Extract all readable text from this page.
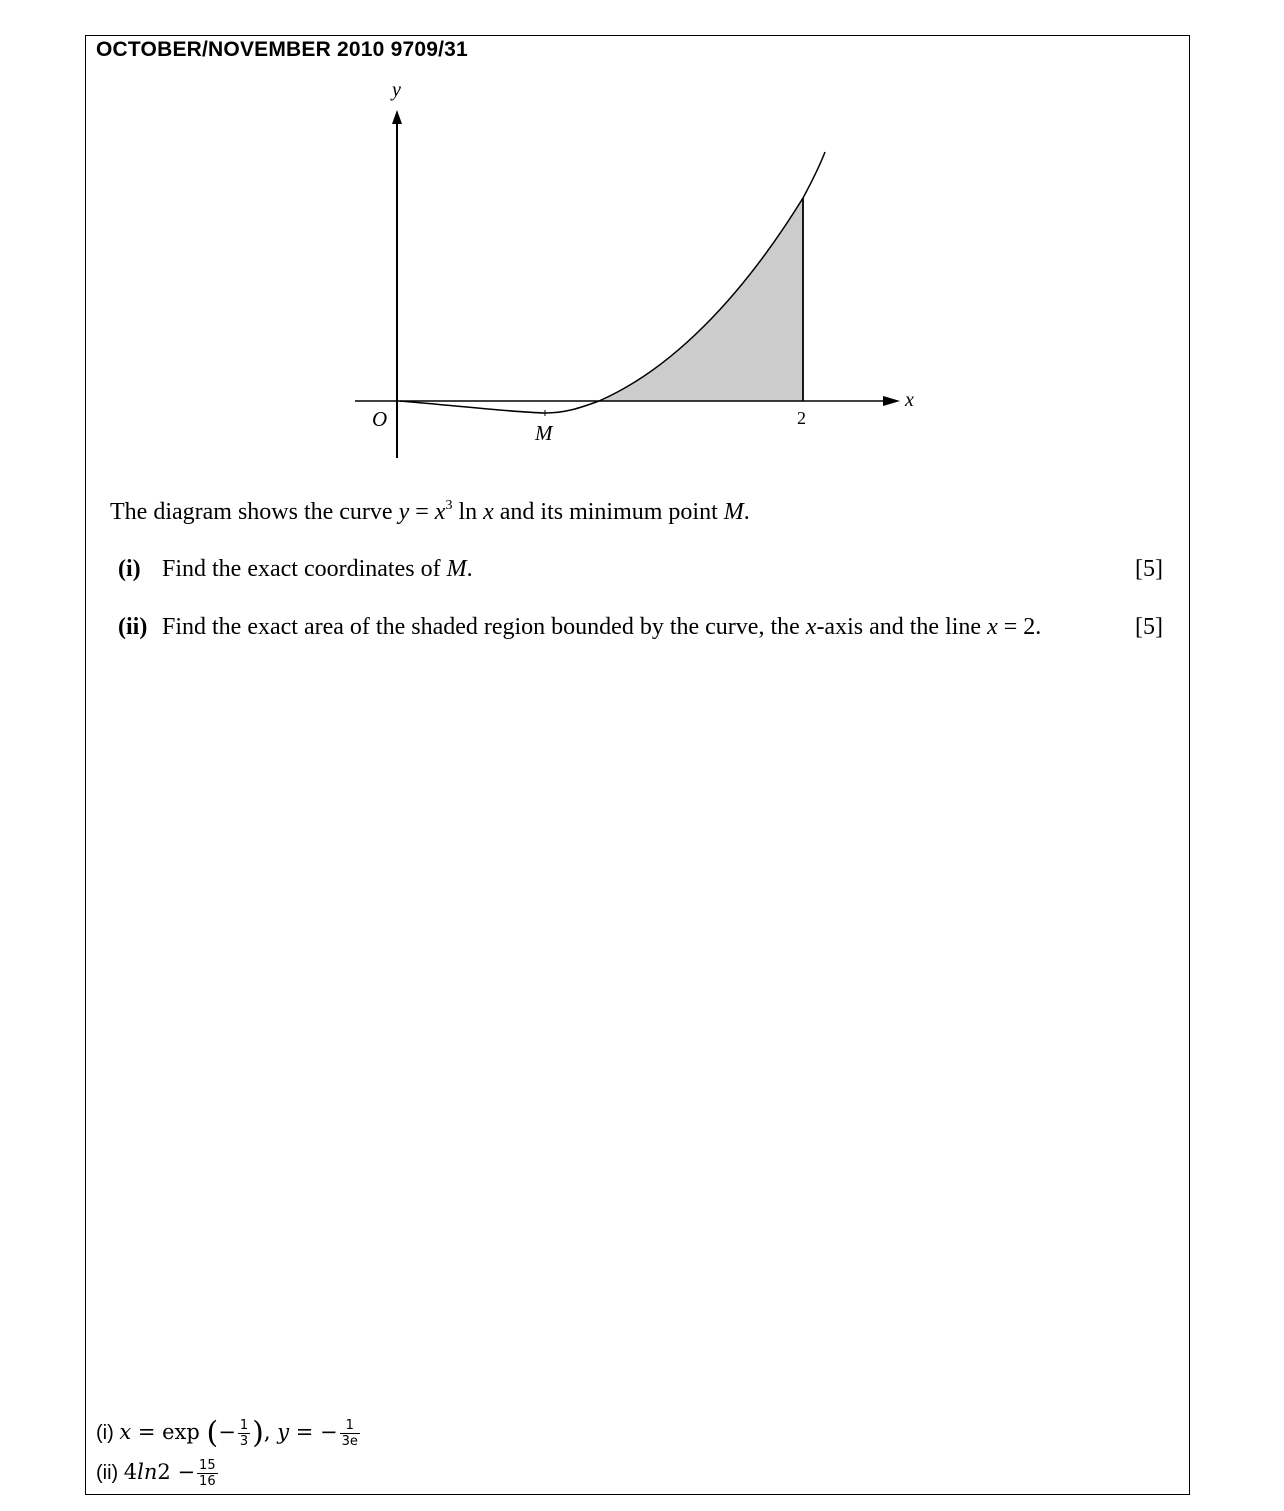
OCTOBER/NOVEMBER 2010 9709/31
y
x
O
M
2
The diagram shows the curve $y = x^3$ ln x and its minimum point M.
(i) Find the exact coordinates of M.	[5]
(ii) Find the exact area of the shaded region bounded by the curve, the x-axis and the line x = 2.	[5]
(i) x = exp (− $\frac{1}{3}$ ), y = − $\frac{1}{3e}$
(ii) $4\ln 2 - \frac{15}{16}$
